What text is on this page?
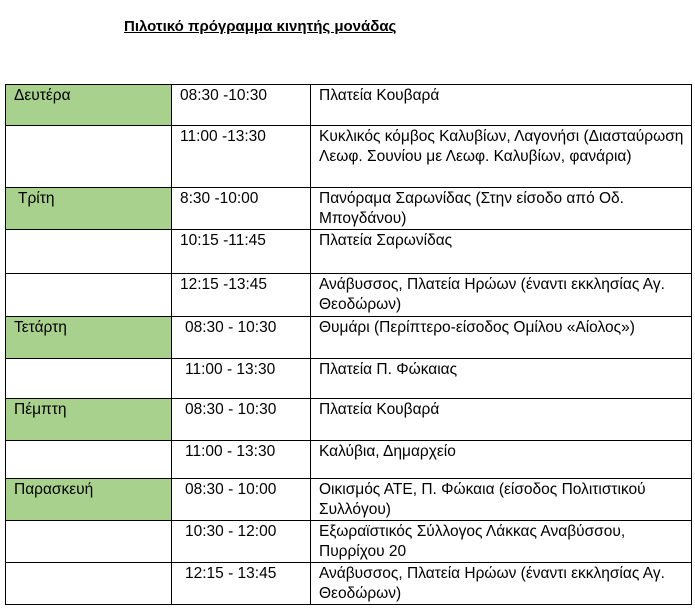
Πιλοτικό πρόγραμμα κινητής μονάδας
Δευτέρα	08:30 -10:30	Πλατεία Κουβαρά
	11:00 -13:30	Κυκλικός κόμβος Καλυβίων, Λαγονήσι (Διασταύρωση Λεωφ. Σουνίου με Λεωφ. Καλυβίων, φανάρια)
Τρίτη	8:30 -10:00	Πανόραμα Σαρωνίδας (Στην είσοδο από Οδ. Μπογδάνου)
	10:15 -11:45	Πλατεία Σαρωνίδας
	12:15 -13:45	Ανάβυσσος, Πλατεία Ηρώων (έναντι εκκλησίας Αγ. Θεοδώρων)
Τετάρτη	08:30 - 10:30	Θυμάρι (Περίπτερο-είσοδος Ομίλου «Αίολος»)
	11:00 - 13:30	Πλατεία Π. Φώκαιας
Πέμπτη	08:30 - 10:30	Πλατεία Κουβαρά
	11:00 - 13:30	Καλύβια, Δημαρχείο
Παρασκευή	08:30 - 10:00	Οικισμός ΑΤΕ, Π. Φώκαια (είσοδος Πολιτιστικού Συλλόγου)
	10:30 - 12:00	Εξωραϊστικός Σύλλογος Λάκκας Αναβύσσου, Πυρρίχου 20
	12:15 - 13:45	Ανάβυσσος, Πλατεία Ηρώων (έναντι εκκλησίας Αγ. Θεοδώρων)
